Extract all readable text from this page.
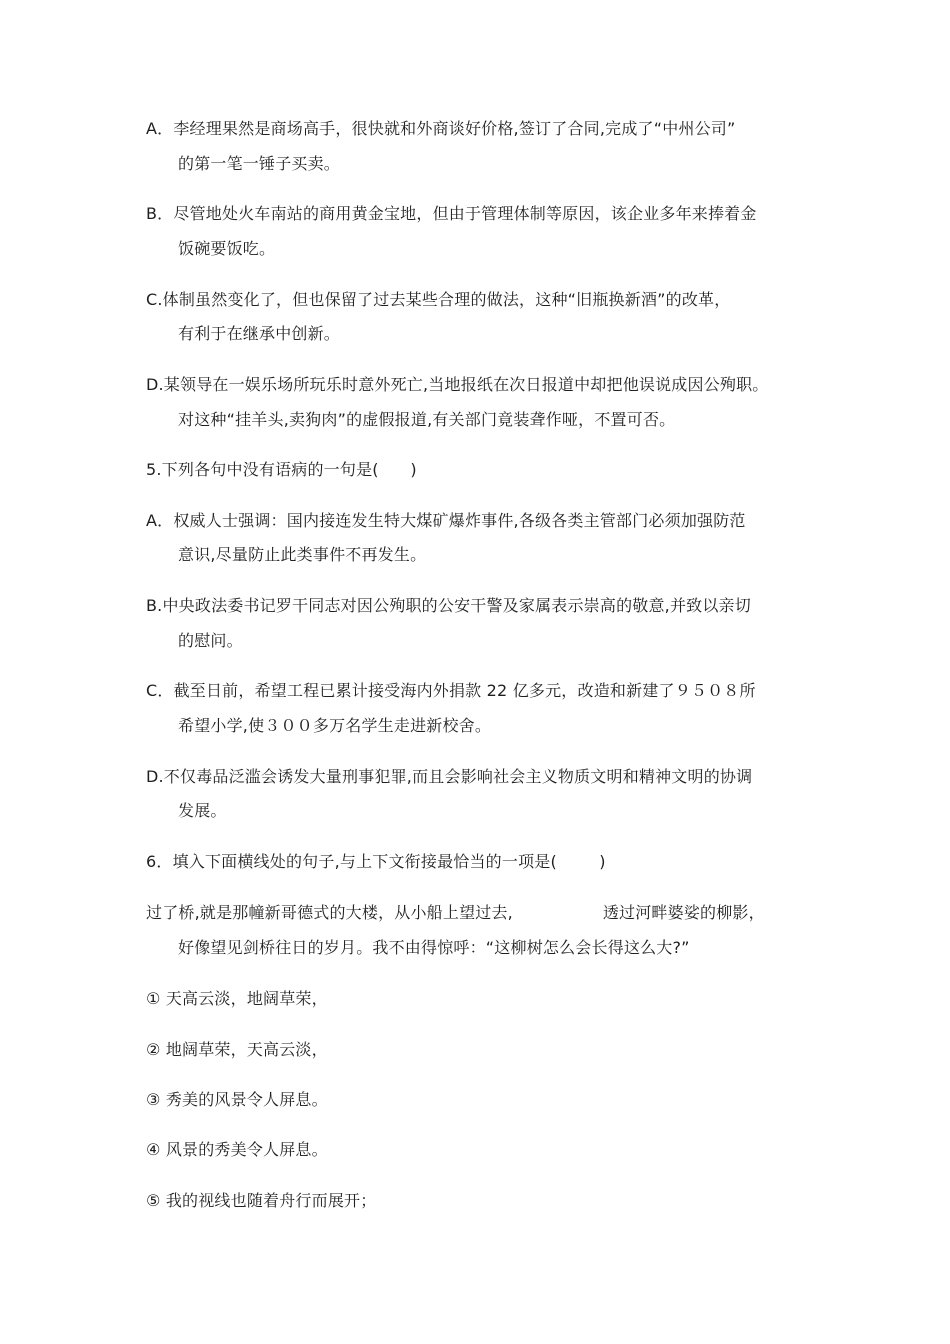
A．李经理果然是商场高手，很快就和外商谈好价格,签订了合同,完成了“中州公司”
的第一笔一锤子买卖。
B．尽管地处火车南站的商用黄金宝地，但由于管理体制等原因，该企业多年来捧着金
饭碗要饭吃。
C.体制虽然变化了，但也保留了过去某些合理的做法，这种“旧瓶换新酒”的改革，
有利于在继承中创新。
D.某领导在一娱乐场所玩乐时意外死亡,当地报纸在次日报道中却把他误说成因公殉职。
对这种“挂羊头,卖狗肉”的虚假报道,有关部门竟装聋作哑，不置可否。
5.下列各句中没有语病的一句是(      )
A．权威人士强调：国内接连发生特大煤矿爆炸事件,各级各类主管部门必须加强防范
意识,尽量防止此类事件不再发生。
B.中央政法委书记罗干同志对因公殉职的公安干警及家属表示崇高的敬意,并致以亲切
的慰问。
C．截至日前，希望工程已累计接受海内外捐款 22 亿多元，改造和新建了９５０８所
希望小学,使３００多万名学生走进新校舍。
D.不仅毒品泛滥会诱发大量刑事犯罪,而且会影响社会主义物质文明和精神文明的协调
发展。
6．填入下面横线处的句子,与上下文衔接最恰当的一项是(        )
过了桥,就是那幢新哥德式的大楼，从小船上望过去,                 透过河畔婆娑的柳影，
好像望见剑桥往日的岁月。我不由得惊呼：“这柳树怎么会长得这么大?”
① 天高云淡，地阔草荣，
② 地阔草荣，天高云淡，
③ 秀美的风景令人屏息。
④ 风景的秀美令人屏息。
⑤ 我的视线也随着舟行而展开；
